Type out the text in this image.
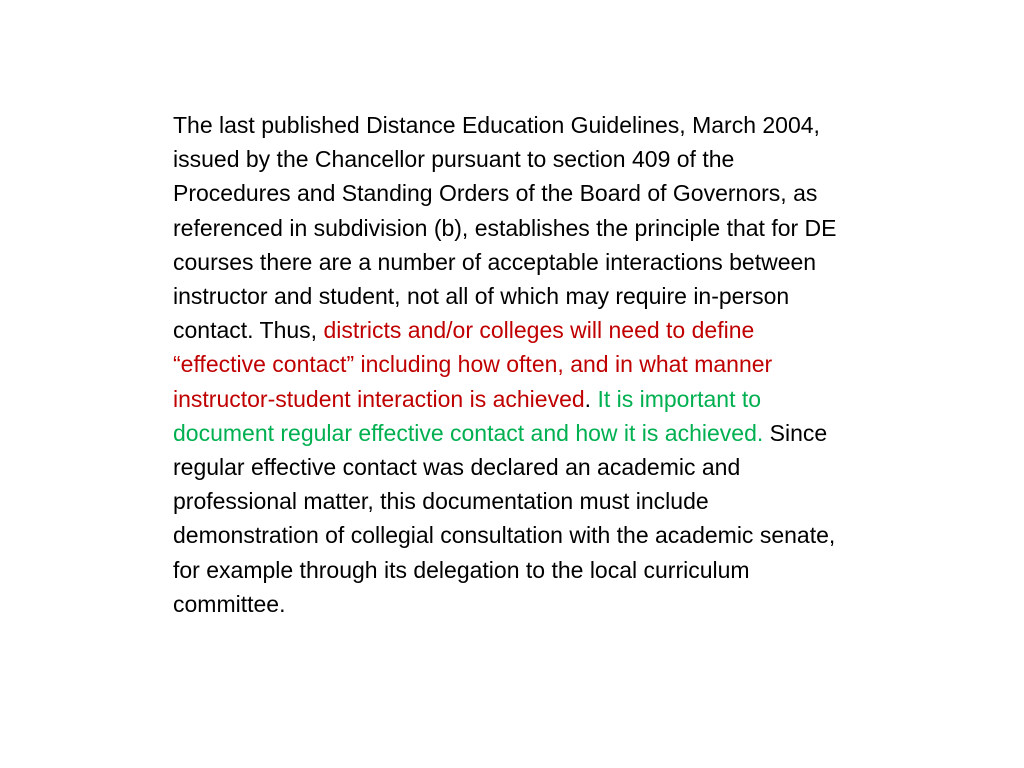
The last published Distance Education Guidelines, March 2004, issued by the Chancellor pursuant to section 409 of the Procedures and Standing Orders of the Board of Governors, as referenced in subdivision (b), establishes the principle that for DE courses there are a number of acceptable interactions between instructor and student, not all of which may require in-person contact. Thus, districts and/or colleges will need to define “effective contact” including how often, and in what manner instructor-student interaction is achieved. It is important to document regular effective contact and how it is achieved. Since regular effective contact was declared an academic and professional matter, this documentation must include demonstration of collegial consultation with the academic senate, for example through its delegation to the local curriculum committee.
